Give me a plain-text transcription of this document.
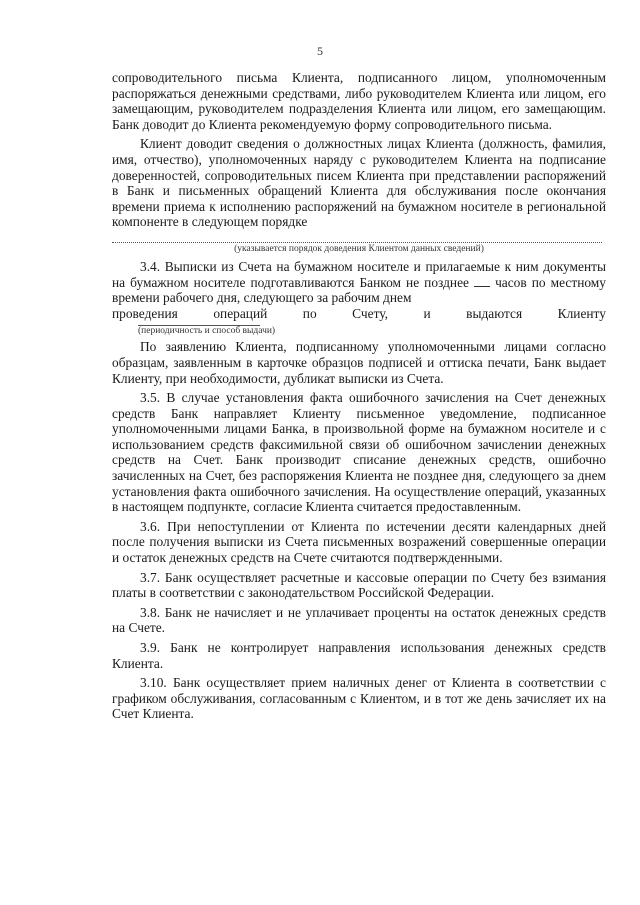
5

сопроводительного письма Клиента, подписанного лицом, уполномоченным распоряжаться денежными средствами, либо руководителем Клиента или лицом, его замещающим, руководителем подразделения Клиента или лицом, его замещающим. Банк доводит до Клиента рекомендуемую форму сопроводительного письма.

Клиент доводит сведения о должностных лицах Клиента (должность, фамилия, имя, отчество), уполномоченных наряду с руководителем Клиента на подписание доверенностей, сопроводительных писем Клиента при представлении распоряжений в Банк и письменных обращений Клиента для обслуживания после окончания времени приема к исполнению распоряжений на бумажном носителе в региональной компоненте в следующем порядке

(указывается порядок доведения Клиентом данных сведений)

3.4. Выписки из Счета на бумажном носителе и прилагаемые к ним документы на бумажном носителе подготавливаются Банком не позднее часов по местному времени рабочего дня, следующего за рабочим днем

проведения	операций	по	Счету,	и	выдаются	Клиенту
(периодичность и способ выдачи)

По заявлению Клиента, подписанному уполномоченными лицами согласно образцам, заявленным в карточке образцов подписей и оттиска печати, Банк выдает Клиенту, при необходимости, дубликат выписки из Счета.

3.5. В случае установления факта ошибочного зачисления на Счет денежных средств Банк направляет Клиенту письменное уведомление, подписанное уполномоченными лицами Банка, в произвольной форме на бумажном носителе и с использованием средств факсимильной связи об ошибочном зачислении денежных средств на Счет. Банк производит списание денежных средств, ошибочно зачисленных на Счет, без распоряжения Клиента не позднее дня, следующего за днем установления факта ошибочного зачисления. На осуществление операций, указанных в настоящем подпункте, согласие Клиента считается предоставленным.

3.6. При непоступлении от Клиента по истечении десяти календарных дней после получения выписки из Счета письменных возражений совершенные операции и остаток денежных средств на Счете считаются подтвержденными.

3.7. Банк осуществляет расчетные и кассовые операции по Счету без взимания платы в соответствии с законодательством Российской Федерации.

3.8. Банк не начисляет и не уплачивает проценты на остаток денежных средств на Счете.

3.9. Банк не контролирует направления использования денежных средств Клиента.

3.10. Банк осуществляет прием наличных денег от Клиента в соответствии с графиком обслуживания, согласованным с Клиентом, и в тот же день зачисляет их на Счет Клиента.
